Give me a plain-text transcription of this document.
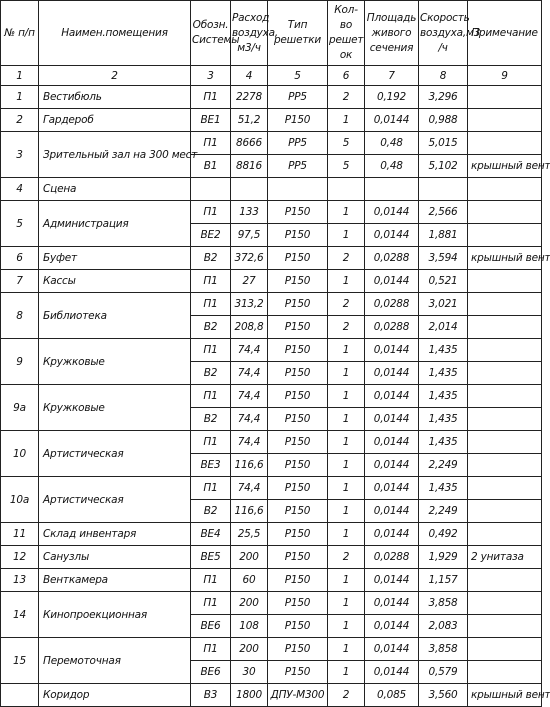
№ п/п	Наимен.помещения	Обозн. Системы	Расход воздуха, м3/ч	Тип решетки	Кол-во решет ок	Площадь живого сечения	Скорость воздуха,м3 /ч	Примечание
1	2	3	4	5	6	7	8	9
1	Вестибюль	П1	2278	PP5	2	0,192	3,296	
2	Гардероб	ВЕ1	51,2	Р150	1	0,0144	0,988	
3	Зрительный зал на 300 мест	П1	8666	PP5	5	0,48	5,015	
		В1	8816	PP5	5	0,48	5,102	крышный вент
4	Сцена							
5	Администрация	П1	133	Р150	1	0,0144	2,566	
		ВЕ2	97,5	Р150	1	0,0144	1,881	
6	Буфет	В2	372,6	Р150	2	0,0288	3,594	крышный вент
7	Кассы	П1	27	Р150	1	0,0144	0,521	
8	Библиотека	П1	313,2	Р150	2	0,0288	3,021	
		В2	208,8	Р150	2	0,0288	2,014	
9	Кружковые	П1	74,4	Р150	1	0,0144	1,435	
		В2	74,4	Р150	1	0,0144	1,435	
9а	Кружковые	П1	74,4	Р150	1	0,0144	1,435	
		В2	74,4	Р150	1	0,0144	1,435	
10	Артистическая	П1	74,4	Р150	1	0,0144	1,435	
		ВЕ3	116,6	Р150	1	0,0144	2,249	
10а	Артистическая	П1	74,4	Р150	1	0,0144	1,435	
		В2	116,6	Р150	1	0,0144	2,249	
11	Склад инвентаря	ВЕ4	25,5	Р150	1	0,0144	0,492	
12	Санузлы	ВЕ5	200	Р150	2	0,0288	1,929	2 унитаза
13	Венткамера	П1	60	Р150	1	0,0144	1,157	
14	Кинопроекционная	П1	200	Р150	1	0,0144	3,858	
		ВЕ6	108	Р150	1	0,0144	2,083	
15	Перемоточная	П1	200	Р150	1	0,0144	3,858	
		ВЕ6	30	Р150	1	0,0144	0,579	
	Коридор	В3	1800	ДПУ-М300	2	0,085	3,560	крышный вент
